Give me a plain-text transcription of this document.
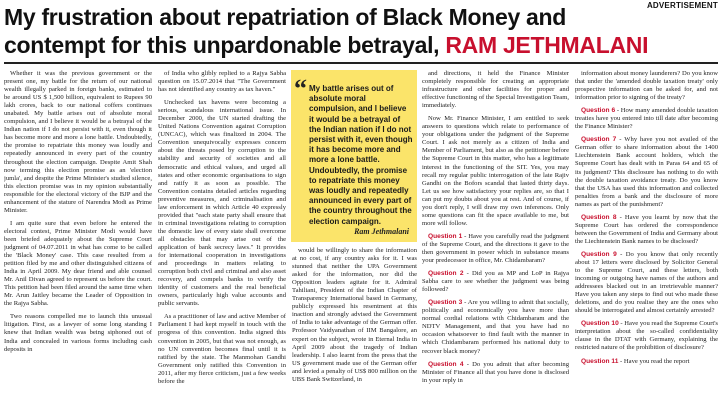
ADVERTISEMENT
My frustration about repatriation of Black Money and contempt for this unpardonable betrayal, RAM JETHMALANI

Whether it was the previous government or the present one, my battle for the return of our national wealth illegally parked in foreign banks, estimated to be around US $ 1,500 billion, equivalent to Rupees 90 lakh crores, back to our national coffers continues unabated. My battle arises out of absolute moral compulsion, and I believe it would be a betrayal of the Indian nation if I do not persist with it, even though it has become more and more a lone battle. Undoubtedly, the promise to repatriate this money was loudly and repeatedly announced in every part of the country throughout the election campaign. Despite Amit Shah now terming this election promise as an 'election jumla', and despite the Prime Minister's studied silence, this election promise was in my opinion substantially responsible for the electoral victory of the BJP and the enhancement of the stature of Narendra Modi as Prime Minister.

I am quite sure that even before he entered the electoral contest, Prime Minister Modi would have been briefed adequately about the Supreme Court judgment of 04.07.2011 in what has come to be called the 'Black Money' case. This case resulted from a petition filed by me and other distinguished citizens of India in April 2009. My dear friend and able counsel Mr. Anil Divan agreed to represent us before the court. This petition had been filed around the same time when Mr. Arun Jaitley became the Leader of Opposition in the Rajya Sabha.

Two reasons compelled me to launch this unusual litigation. First, as a lawyer of some long standing I knew that Indian wealth was being siphoned out of India and concealed in various forms including cash deposits in

of India who glibly replied to a Rajya Sabha question on 15.07.2014 that "The Government has not identified any country as tax haven."

Unchecked tax havens were becoming a serious, scandalous international issue. In December 2000, the UN started drafting the United Nations Convention against Corruption (UNCAC), which was finalized in 2004. The Convention unequivocally expresses concern about the threats posed by corruption to the stability and security of societies and all democratic and ethical values, and urged all states and other economic organisations to sign and ratify it as soon as possible. The Convention contains detailed articles regarding preventive measures, and criminalisation and law enforcement in which Article 40 expressly provided that "each state party shall ensure that in criminal investigations relating to corruption the domestic law of every state shall overcome all obstacles that may arise out of the application of bank secrecy laws." It provides for international cooperation in investigations and proceedings in matters relating to corruption both civil and criminal and also asset recovery, and compels banks to verify the identity of customers and the real beneficial owners, particularly high value accounts and public servants.

As a practitioner of law and active Member of Parliament I had kept myself in touch with the progress of this convention. India signed this convention in 2005, but that was not enough, as no UN convention becomes final until it is ratified by the state. The Manmohan Gandhi Government only ratified this Convention in 2011, after my fierce criticism, just a few weeks before the

“ My battle arises out of absolute moral compulsion, and I believe it would be a betrayal of the Indian nation if I do not persist with it, even though it has become more and more a lone battle. Undoubtedly, the promise to repatriate this money was loudly and repeatedly announced in every part of the country throughout the election campaign.
Ram Jethmalani

would be willingly to share the information at no cost, if any country asks for it. I was stunned that neither the UPA Government asked for the information, nor did the Opposition leaders agitate for it. Admiral Tahiliani, President of the Indian Chapter of Transparency International based in Germany, publicly expressed his resentment at this inaction and strongly advised the Government of India to take advantage of the German offer. Professor Vaidyanathan of IIM Bangalore, an expert on the subject, wrote in Eternal India in April 2009 about the tragedy of Indian leadership. I also learnt from the press that the US government made use of the German offer and levied a penalty of US$ 800 million on the UBS Bank Switzerland, in

and directions, it held the Finance Minister completely responsible for creating an appropriate infrastructure and other facilities for proper and effective functioning of the Special Investigation Team, immediately.

Now Mr. Finance Minister, I am entitled to seek answers to questions which relate to performance of your obligations under the judgment of the Supreme Court. I ask not merely as a citizen of India and Member of Parliament, but also as the petitioner before the Supreme Court in this matter, who has a legitimate interest in the functioning of the SIT. Yes, you may recall my regular public interrogation of the late Rajiv Gandhi on the Bofors scandal that lasted thirty days. Let us see how satisfactory your replies are, so that I can put my doubts about you at rest. And of course, if you don't reply, I will draw my own inferences. Only some questions can fit the space available to me, but more will follow.

Question 1 - Have you carefully read the judgment of the Supreme Court, and the directions it gave to the then government in power which in substance means your predecessor in office, Mr. Chidambaram?

Question 2 - Did you as MP and LoP in Rajya Sabha care to see whether the judgment was being followed?

Question 3 - Are you willing to admit that socially, politically and economically you have more than normal cordial relations with Chidambaram and the NDTV Management, and that you have had no occasion whatsoever to find fault with the manner in which Chidambaram performed his national duty to recover black money?

Question 4 - Do you admit that after becoming Minister of Finance all that you have done is disclosed in your reply in

information about money launderers? Do you know that under the 'amended double taxation treaty' only prospective information can be asked for, and not information prior to signing of the treaty?

Question 6 - How many amended double taxation treaties have you entered into till date after becoming the Finance Minister?

Question 7 - Why have you not availed of the German offer to share information about the 1400 Liechtenstein Bank account holders, which the Supreme Court has dealt with in Paras 64 and 65 of its judgment? This disclosure has nothing to do with the double taxation avoidance treaty. Do you know that the USA has used this information and collected penalties from a bank and the disclosure of more names as part of the punishment?

Question 8 - Have you learnt by now that the Supreme Court has ordered the correspondence between the Government of India and Germany about the Liechtenstein Bank names to be disclosed?

Question 9 - Do you know that only recently about 17 letters were disclosed by Solicitor General to the Supreme Court, and these letters, both incoming or outgoing have names of the authors and addressees blacked out in an irretrievable manner? Have you taken any steps to find out who made these deletions, and do you realise they are the ones who should be interrogated and almost certainly arrested?

Question 10 - Have you read the Supreme Court's interpretation about the so-called confidentiality clause in the DTAT with Germany, explaining the restricted nature of the prohibition of disclosure?

Question 11 - Have you read the report
